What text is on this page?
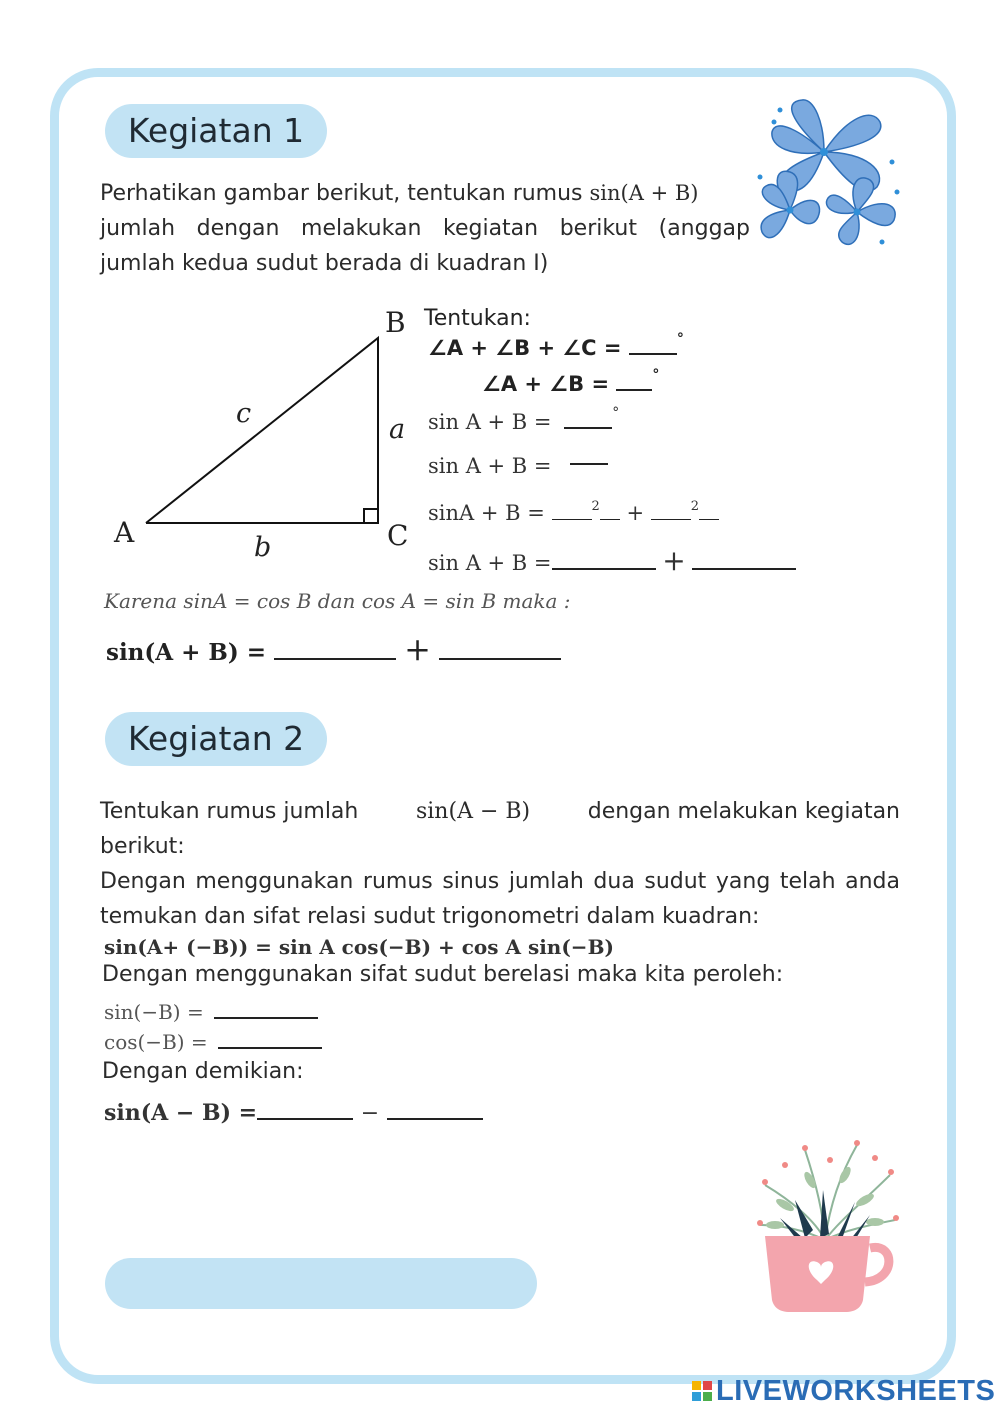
Kegiatan 1
Perhatikan gambar berikut, tentukan rumus sin(A + B)
jumlah dengan melakukan kegiatan berikut (anggap
jumlah kedua sudut berada di kuadran I)
B
A	C
a
b
c
Tentukan:
∠A + ∠B + ∠C =	°
∠A + ∠B =	°
sin A + B =	°
sin A + B =
sinA + B =	$^2$ +	$^2$
sin A + B =	+
Karena sinA = cos B dan cos A = sin B maka :
sin(A + B) =	+
Kegiatan 2
Tentukan rumus jumlah	sin(A − B)	dengan melakukan kegiatan
berikut:
Dengan menggunakan rumus sinus jumlah dua sudut yang telah anda temukan dan sifat relasi sudut trigonometri dalam kuadran:
sin(A+ (−B)) = sin A cos(−B) + cos A sin(−B)
Dengan menggunakan sifat sudut berelasi maka kita peroleh:
sin(−B) =
cos(−B) =
Dengan demikian:
sin(A − B) =	−
LIVEWORKSHEETS
